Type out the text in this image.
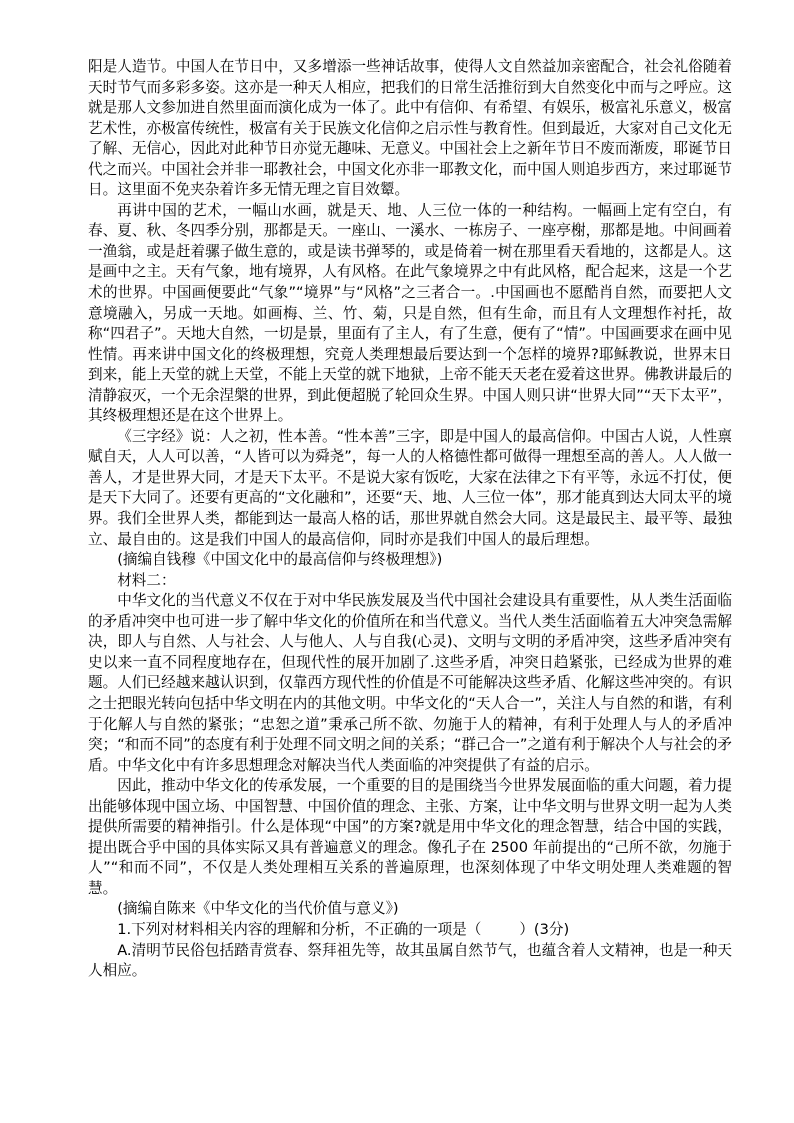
阳是人造节。中国人在节日中，又多增添一些神话故事，使得人文自然益加亲密配合，社会礼俗随着天时节气而多彩多姿。这亦是一种天人相应，把我们的日常生活推衍到大自然变化中而与之呼应。这就是那人文参加进自然里面而演化成为一体了。此中有信仰、有希望、有娱乐，极富礼乐意义，极富艺术性，亦极富传统性，极富有关于民族文化信仰之启示性与教育性。但到最近，大家对自己文化无了解、无信心，因此对此种节日亦觉无趣味、无意义。中国社会上之新年节日不废而渐废，耶诞节日代之而兴。中国社会并非一耶教社会，中国文化亦非一耶教文化，而中国人则追步西方，来过耶诞节日。这里面不免夹杂着许多无情无理之盲目效颦。

再讲中国的艺术，一幅山水画，就是天、地、人三位一体的一种结构。一幅画上定有空白，有春、夏、秋、冬四季分别，那都是天。一座山、一溪水、一栋房子、一座亭榭，那都是地。中间画着一渔翁，或是赶着骡子做生意的，或是读书弹琴的，或是倚着一树在那里看天看地的，这都是人。这是画中之主。天有气象，地有境界，人有风格。在此气象境界之中有此风格，配合起来，这是一个艺术的世界。中国画便要此“气象”“境界”与“风格”之三者合一。.中国画也不愿酷肖自然，而要把人文意境融入，另成一天地。如画梅、兰、竹、菊，只是自然，但有生命，而且有人文理想作衬托，故称“四君子”。天地大自然，一切是景，里面有了主人，有了生意，便有了“情”。中国画要求在画中见性情。再来讲中国文化的终极理想，究竟人类理想最后要达到一个怎样的境界?耶稣教说，世界末日到来，能上天堂的就上天堂，不能上天堂的就下地狱，上帝不能天天老在爱着这世界。佛教讲最后的清静寂灭，一个无余涅槃的世界，到此便超脱了轮回众生界。中国人则只讲“世界大同”“天下太平”，其终极理想还是在这个世界上。

《三字经》说：人之初，性本善。“性本善”三字，即是中国人的最高信仰。中国古人说，人性禀赋自天，人人可以善，“人皆可以为舜尧”，每一人的人格德性都可做得一理想至高的善人。人人做一善人，才是世界大同，才是天下太平。不是说大家有饭吃，大家在法律之下有平等，永远不打仗，便是天下大同了。还要有更高的“文化融和”，还要“天、地、人三位一体”，那才能真到达大同太平的境界。我们全世界人类，都能到达一最高人格的话，那世界就自然会大同。这是最民主、最平等、最独立、最自由的。这是我们中国人的最高信仰，同时亦是我们中国人的最后理想。

(摘编自钱穆《中国文化中的最高信仰与终极理想》)

材料二：

中华文化的当代意义不仅在于对中华民族发展及当代中国社会建设具有重要性，从人类生活面临的矛盾冲突中也可进一步了解中华文化的价值所在和当代意义。当代人类生活面临着五大冲突急需解决，即人与自然、人与社会、人与他人、人与自我(心灵)、文明与文明的矛盾冲突，这些矛盾冲突有史以来一直不同程度地存在，但现代性的展开加剧了.这些矛盾，冲突日趋紧张，已经成为世界的难题。人们已经越来越认识到，仅靠西方现代性的价值是不可能解决这些矛盾、化解这些冲突的。有识之士把眼光转向包括中华文明在内的其他文明。中华文化的“天人合一”，关注人与自然的和谐，有利于化解人与自然的紧张；“忠恕之道”秉承己所不欲、勿施于人的精神，有利于处理人与人的矛盾冲突；“和而不同”的态度有利于处理不同文明之间的关系；“群己合一”之道有利于解决个人与社会的矛盾。中华文化中有许多思想理念对解决当代人类面临的冲突提供了有益的启示。

因此，推动中华文化的传承发展，一个重要的目的是围绕当今世界发展面临的重大问题，着力提出能够体现中国立场、中国智慧、中国价值的理念、主张、方案，让中华文明与世界文明一起为人类提供所需要的精神指引。什么是体现“中国”的方案?就是用中华文化的理念智慧，结合中国的实践，提出既合乎中国的具体实际又具有普遍意义的理念。像孔子在 2500 年前提出的“己所不欲，勿施于人”“和而不同”，不仅是人类处理相互关系的普遍原理，也深刻体现了中华文明处理人类难题的智慧。

(摘编自陈来《中华文化的当代价值与意义》)

1.下列对材料相关内容的理解和分析，不正确的一项是（	）(3分)

A.清明节民俗包括踏青赏春、祭拜祖先等，故其虽属自然节气，也蕴含着人文精神，也是一种天人相应。
